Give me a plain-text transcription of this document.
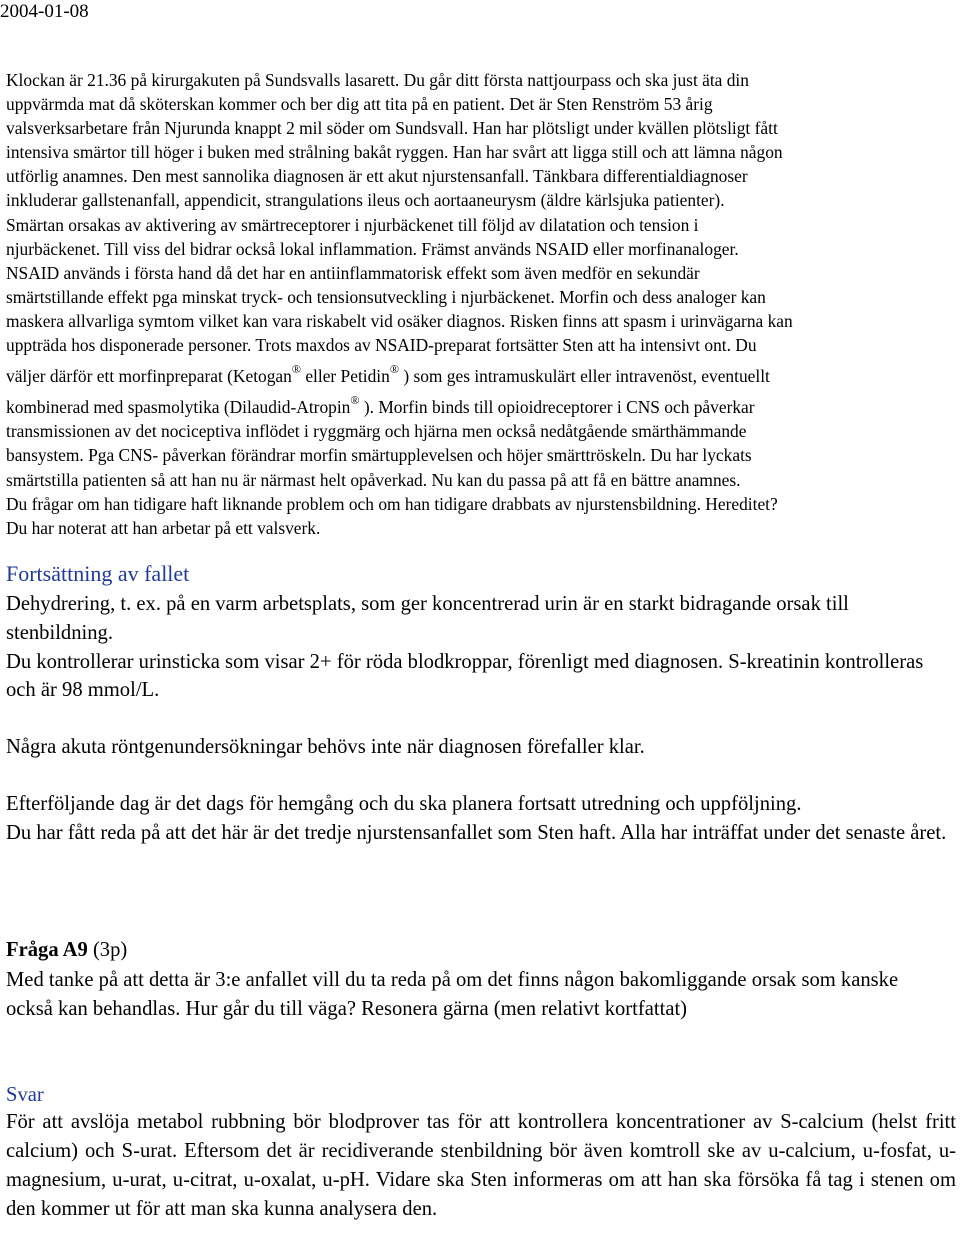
2004-01-08

Klockan är 21.36 på kirurgakuten på Sundsvalls lasarett. Du går ditt första nattjourpass och ska just äta din

uppvärmda mat då sköterskan kommer och ber dig att tita på en patient. Det är Sten Renström 53 årig

valsverksarbetare från Njurunda knappt 2 mil söder om Sundsvall. Han har plötsligt under kvällen plötsligt fått

intensiva smärtor till höger i buken med strålning bakåt ryggen. Han har svårt att ligga still och att lämna någon

utförlig anamnes. Den mest sannolika diagnosen är ett akut njurstensanfall. Tänkbara differentialdiagnoser

inkluderar gallstenanfall, appendicit, strangulations ileus och aortaaneurysm (äldre kärlsjuka patienter).

Smärtan orsakas av aktivering av smärtreceptorer i njurbäckenet till följd av dilatation och tension i

njurbäckenet. Till viss del bidrar också lokal inflammation. Främst används NSAID eller morfinanaloger.

NSAID används i första hand då det har en antiinflammatorisk effekt som även medför en sekundär

smärtstillande effekt pga minskat tryck- och tensionsutveckling i njurbäckenet. Morfin och dess analoger kan

maskera allvarliga symtom vilket kan vara riskabelt vid osäker diagnos. Risken finns att spasm i urinvägarna kan

uppträda hos disponerade personer. Trots maxdos av NSAID-preparat fortsätter Sten att ha intensivt ont. Du

väljer därför ett morfinpreparat (Ketogan® eller Petidin® ) som ges intramuskulärt eller intravenöst, eventuellt

kombinerad med spasmolytika (Dilaudid-Atropin® ). Morfin binds till opioidreceptorer i CNS och påverkar

transmissionen av det nociceptiva inflödet i ryggmärg och hjärna men också nedåtgående smärthämmande

bansystem. Pga CNS- påverkan förändrar morfin smärtupplevelsen och höjer smärttröskeln. Du har lyckats

smärtstilla patienten så att han nu är närmast helt opåverkad. Nu kan du passa på att få en bättre anamnes.

Du frågar om han tidigare haft liknande problem och om han tidigare drabbats av njurstensbildning. Hereditet?

Du har noterat att han arbetar på ett valsverk.

Fortsättning av fallet

Dehydrering, t. ex. på en varm arbetsplats, som ger koncentrerad urin är en starkt bidragande orsak till stenbildning.

Du kontrollerar urinsticka som visar 2+ för röda blodkroppar, förenligt med diagnosen. S-kreatinin kontrolleras och är 98 mmol/L.

Några akuta röntgenundersökningar behövs inte när diagnosen förefaller klar.

Efterföljande dag är det dags för hemgång och du ska planera fortsatt utredning och uppföljning.

Du har fått reda på att det här är det tredje njurstensanfallet som Sten haft. Alla har inträffat under det senaste året.

Fråga A9 (3p)
Med tanke på att detta är 3:e anfallet vill du ta reda på om det finns någon bakomliggande orsak som kanske också kan behandlas. Hur går du till väga? Resonera gärna (men relativt kortfattat)
Svar
För att avslöja metabol rubbning bör blodprover tas för att kontrollera koncentrationer av S-calcium (helst fritt calcium) och S-urat. Eftersom det är recidiverande stenbildning bör även komtroll ske av u-calcium, u-fosfat, u-magnesium, u-urat, u-citrat, u-oxalat, u-pH. Vidare ska Sten informeras om att han ska försöka få tag i stenen om den kommer ut för att man ska kunna analysera den.
